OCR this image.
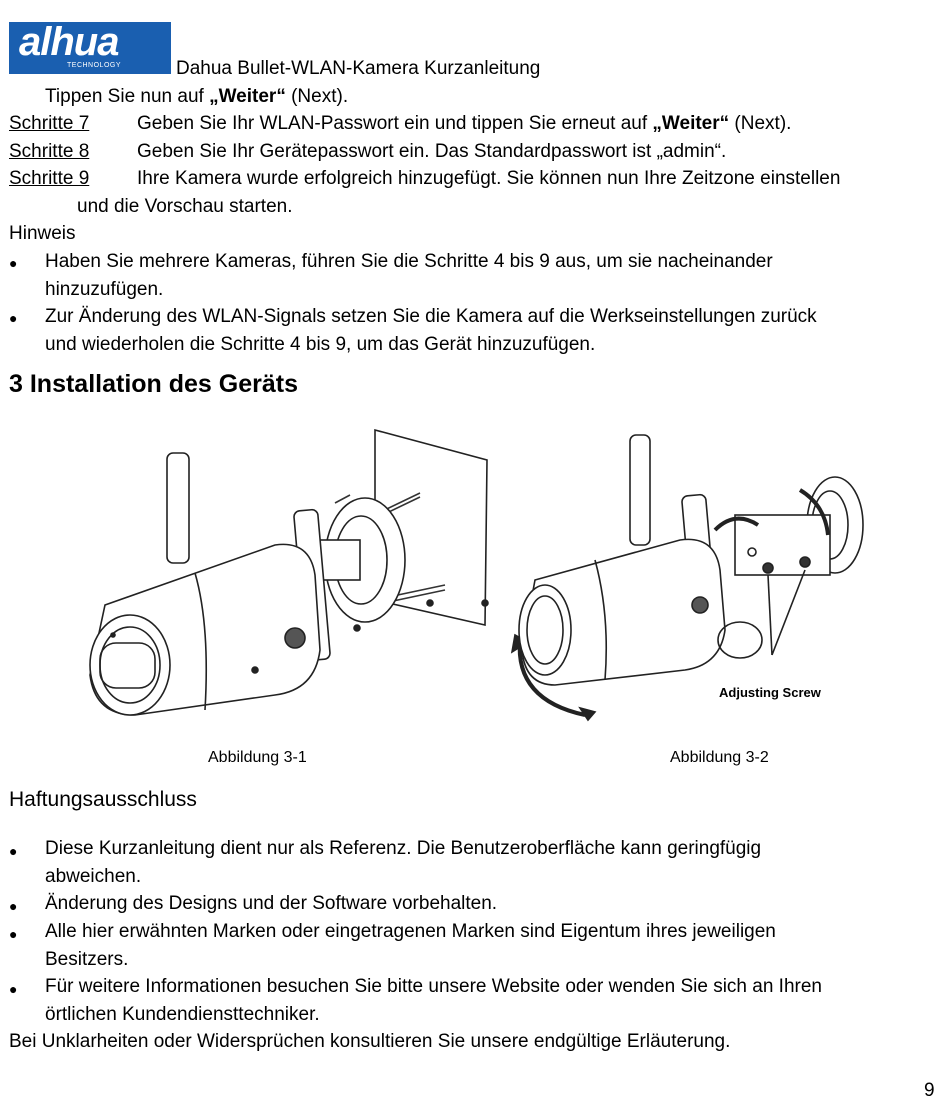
alhua
TECHNOLOGY	Dahua Bullet-WLAN-Kamera Kurzanleitung
Tippen Sie nun auf „Weiter“ (Next).
Schritte 7	Geben Sie Ihr WLAN-Passwort ein und tippen Sie erneut auf „Weiter“ (Next).
Schritte 8	Geben Sie Ihr Gerätepasswort ein. Das Standardpasswort ist „admin“.
Schritte 9	Ihre Kamera wurde erfolgreich hinzugefügt. Sie können nun Ihre Zeitzone einstellen
und die Vorschau starten.
Hinweis
● Haben Sie mehrere Kameras, führen Sie die Schritte 4 bis 9 aus, um sie nacheinander
hinzuzufügen.
● Zur Änderung des WLAN-Signals setzen Sie die Kamera auf die Werkseinstellungen zurück
und wiederholen die Schritte 4 bis 9, um das Gerät hinzuzufügen.
3 Installation des Geräts
Abbildung 3-1
Adjusting Screw
Abbildung 3-2
Haftungsausschluss
● Diese Kurzanleitung dient nur als Referenz. Die Benutzeroberfläche kann geringfügig
abweichen.
● Änderung des Designs und der Software vorbehalten.
● Alle hier erwähnten Marken oder eingetragenen Marken sind Eigentum ihres jeweiligen
Besitzers.
● Für weitere Informationen besuchen Sie bitte unsere Website oder wenden Sie sich an Ihren
örtlichen Kundendiensttechniker.
Bei Unklarheiten oder Widersprüchen konsultieren Sie unsere endgültige Erläuterung.
9
